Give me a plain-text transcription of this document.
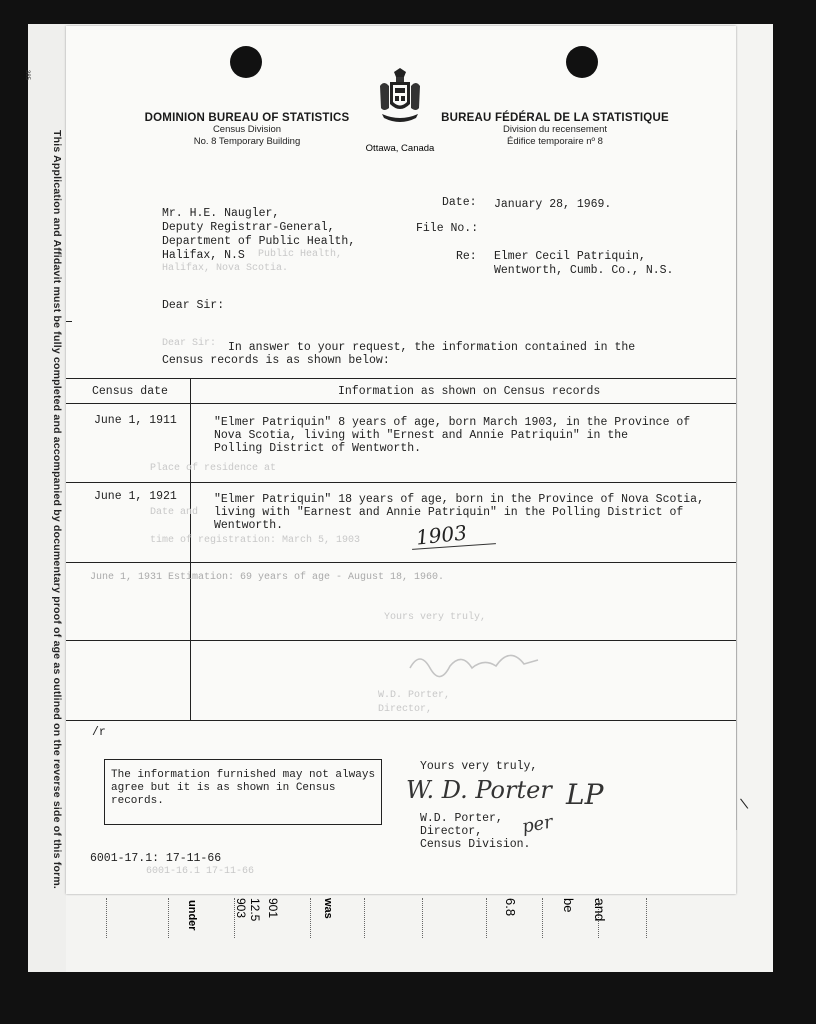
385
This Application and Affidavit must be fully completed and accompanied by documentary proof of age as outlined on the reverse side of this form.
under	901
12.5
903	was	6.8	and
be
\
DOMINION BUREAU OF STATISTICS
Census Division
No. 8 Temporary Building
Ottawa, Canada
BUREAU FÉDÉRAL DE LA STATISTIQUE
Division du recensement
Édifice temporaire nº 8
Mr. H.E. Naugler,
Deputy Registrar-General,
Department of Public Health,
Halifax, N.S	Public Health,
Halifax, Nova Scotia.
Date: January 28, 1969.
File No.:
Re: Elmer Cecil Patriquin,
Wentworth, Cumb. Co., N.S.
Dear Sir:
In answer to your request, the information contained in the
Census records is as shown below:
Dear Sir:
Census date	Information as shown on Census records
June 1, 1911	"Elmer Patriquin" 8 years of age, born March 1903, in the Province of
Nova Scotia, living with "Ernest and Annie Patriquin" in the
Polling District of Wentworth.
June 1, 1921	"Elmer Patriquin" 18 years of age, born in the Province of Nova Scotia,
living with "Earnest and Annie Patriquin" in the Polling District of
Wentworth.	1903
Place of residence at
Date and
time of registration: March 5, 1903
June 1, 1931 Estimation: 69 years of age - August 18, 1960.
Yours very truly,
W.D. Porter,
Director,
/r
The information furnished may not always
agree but it is as shown in Census
records.
Yours very truly,
W. D. Porter
per
LP
W.D. Porter,
Director,
Census Division.
6001-17.1: 17-11-66
6001-16.1 17-11-66
